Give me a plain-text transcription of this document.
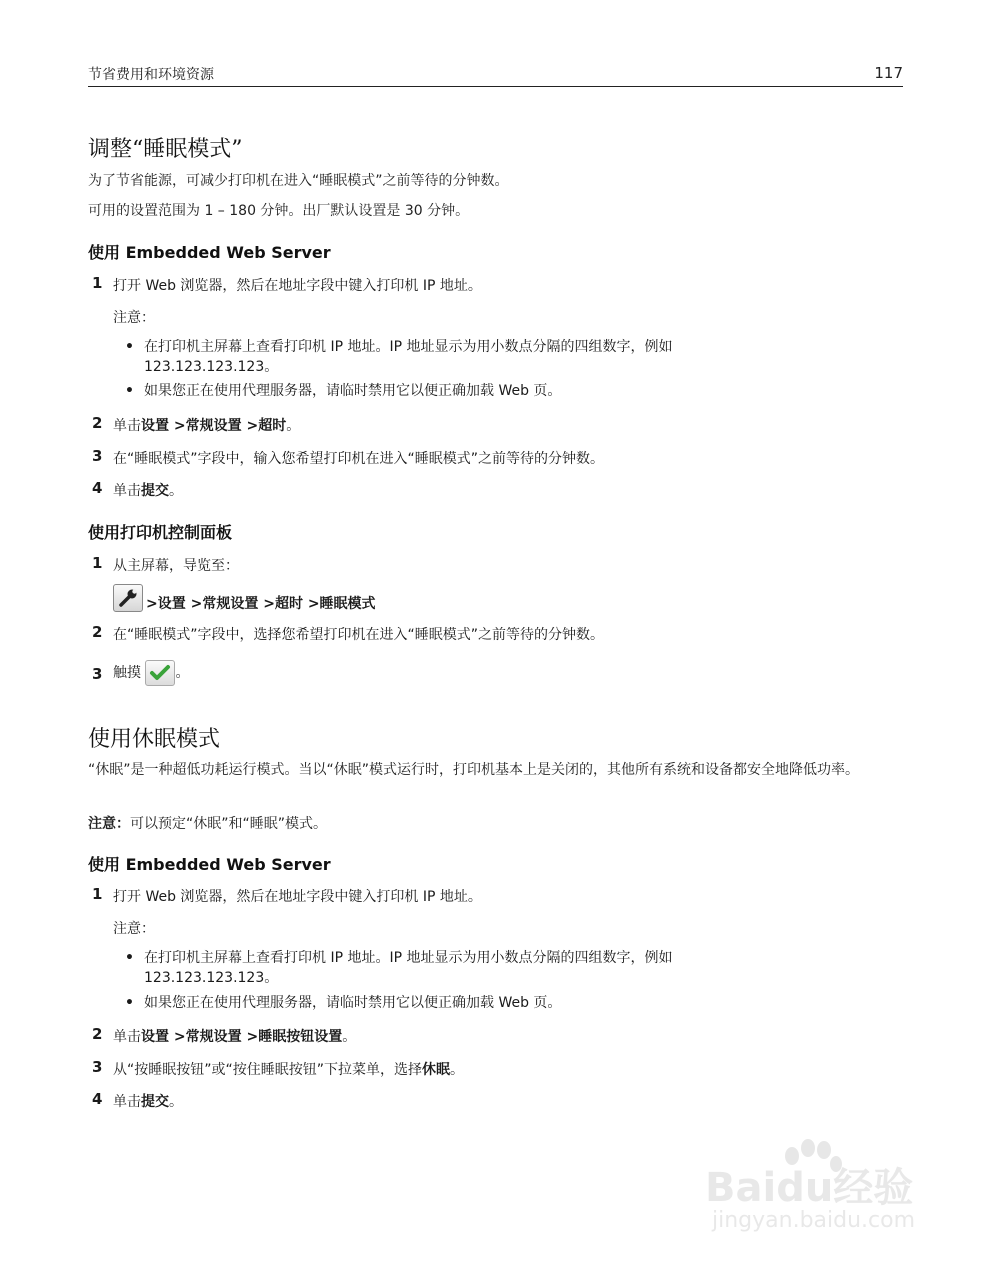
节省费用和环境资源	117
调整“睡眠模式”
为了节省能源，可减少打印机在进入“睡眠模式”之前等待的分钟数。
可用的设置范围为 1 – 180 分钟。出厂默认设置是 30 分钟。
使用 Embedded Web Server
1 打开 Web 浏览器，然后在地址字段中键入打印机 IP 地址。
注意：
• 在打印机主屏幕上查看打印机 IP 地址。IP 地址显示为用小数点分隔的四组数字，例如
123.123.123.123。
• 如果您正在使用代理服务器，请临时禁用它以便正确加载 Web 页。
2 单击设置 >常规设置 >超时。
3 在“睡眠模式”字段中，输入您希望打印机在进入“睡眠模式”之前等待的分钟数。
4 单击提交。
使用打印机控制面板
1 从主屏幕，导览至：
>设置 >常规设置 >超时 >睡眠模式
2 在“睡眠模式”字段中，选择您希望打印机在进入“睡眠模式”之前等待的分钟数。
3 触摸 。
使用休眠模式
“休眠”是一种超低功耗运行模式。当以“休眠”模式运行时，打印机基本上是关闭的，其他所有系统和设备都安全地降低功率。
注意：可以预定“休眠”和“睡眠”模式。
使用 Embedded Web Server
1 打开 Web 浏览器，然后在地址字段中键入打印机 IP 地址。
注意：
• 在打印机主屏幕上查看打印机 IP 地址。IP 地址显示为用小数点分隔的四组数字，例如
123.123.123.123。
• 如果您正在使用代理服务器，请临时禁用它以便正确加载 Web 页。
2 单击设置 >常规设置 >睡眠按钮设置。
3 从“按睡眠按钮”或“按住睡眠按钮”下拉菜单，选择休眠。
4 单击提交。
Baidu经验
jingyan.baidu.com
